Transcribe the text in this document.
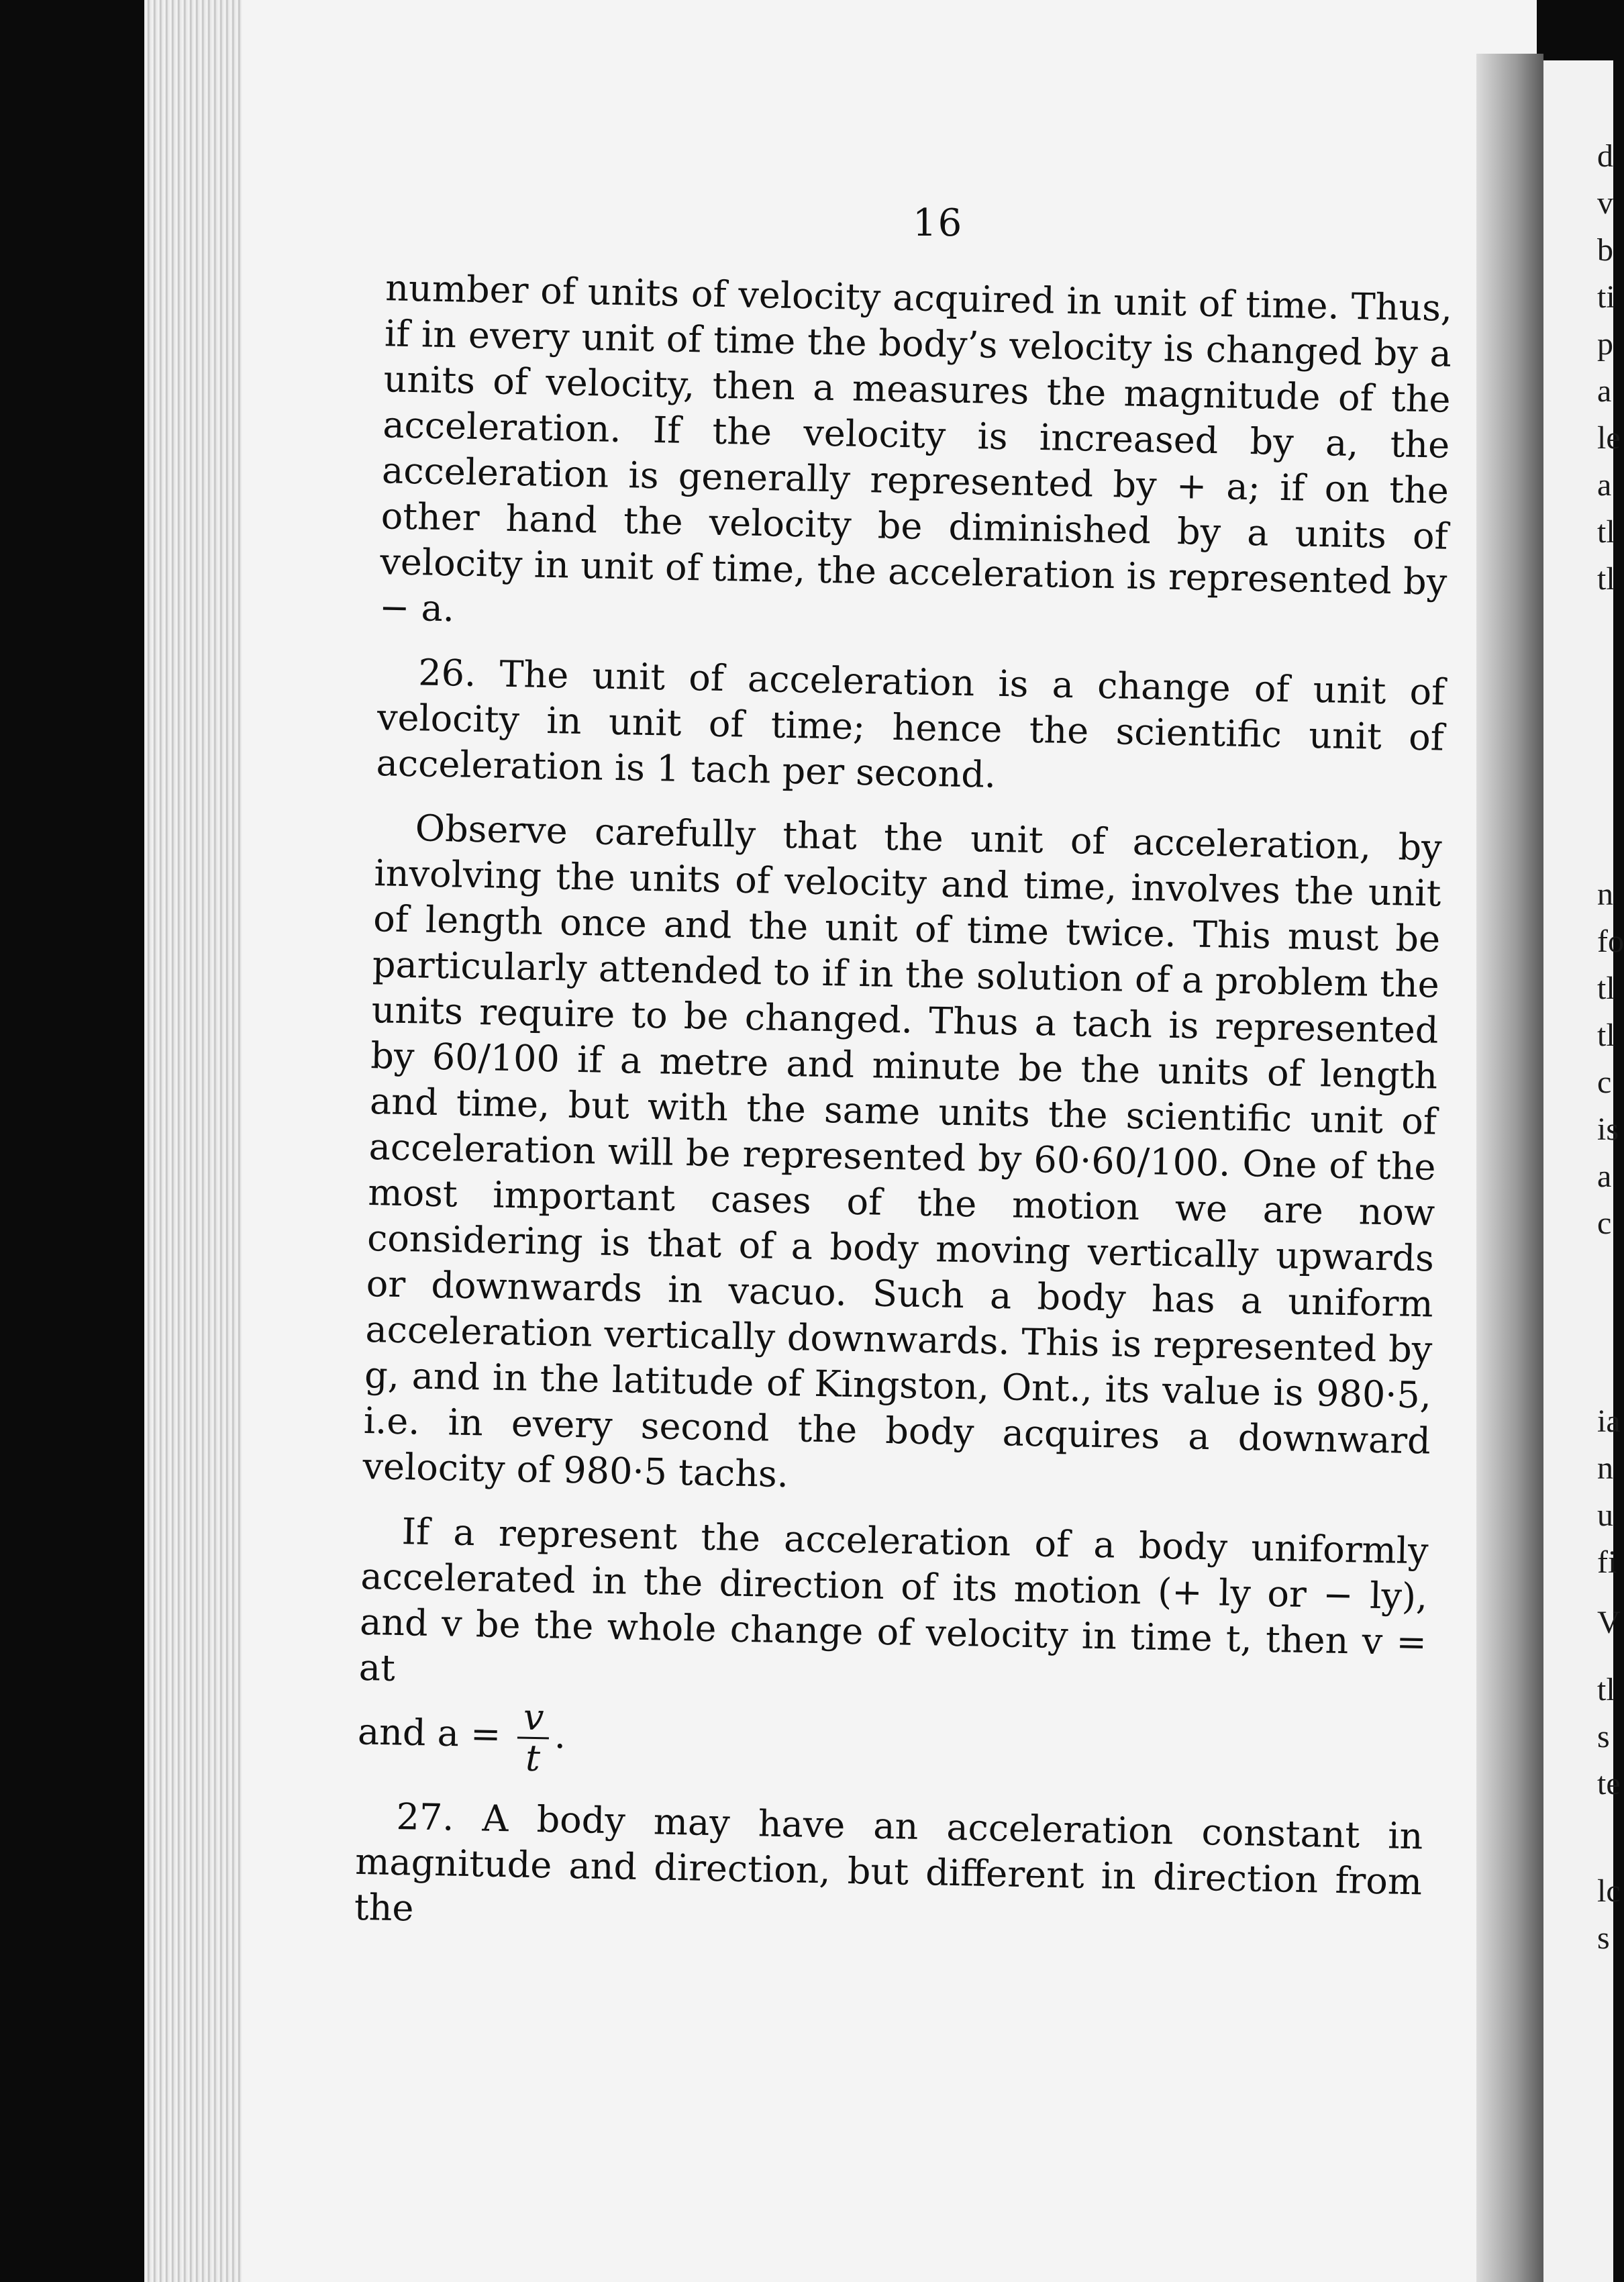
d
v
b
ti
p
a
le
a
tl
tl
n
fo
tl
tl
c
is
a
c
ia
n
u
fi
V
tl
s
te
lc
s
16

number of units of velocity acquired in unit of time. Thus, if in every unit of time the body’s velocity is changed by a units of velocity, then a measures the magnitude of the acceleration. If the velocity is increased by a, the acceleration is generally represented by + a; if on the other hand the velocity be diminished by a units of velocity in unit of time, the acceleration is represented by − a.

26. The unit of acceleration is a change of unit of velocity in unit of time; hence the scientific unit of acceleration is 1 tach per second.

Observe carefully that the unit of acceleration, by involving the units of velocity and time, involves the unit of length once and the unit of time twice. This must be particularly attended to if in the solution of a problem the units require to be changed. Thus a tach is represented by 60/100 if a metre and minute be the units of length and time, but with the same units the scientific unit of acceleration will be represented by 60·60/100. One of the most important cases of the motion we are now considering is that of a body moving vertically upwards or downwards in vacuo. Such a body has a uniform acceleration vertically downwards. This is represented by g, and in the latitude of Kingston, Ont., its value is 980·5, i.e. in every second the body acquires a downward velocity of 980·5 tachs.

If a represent the acceleration of a body uniformly accelerated in the direction of its motion (+ ly or − ly), and v be the whole change of velocity in time t, then v = at

and $a = \frac{v}{t}$ .

27. A body may have an acceleration constant in magnitude and direction, but different in direction from the
